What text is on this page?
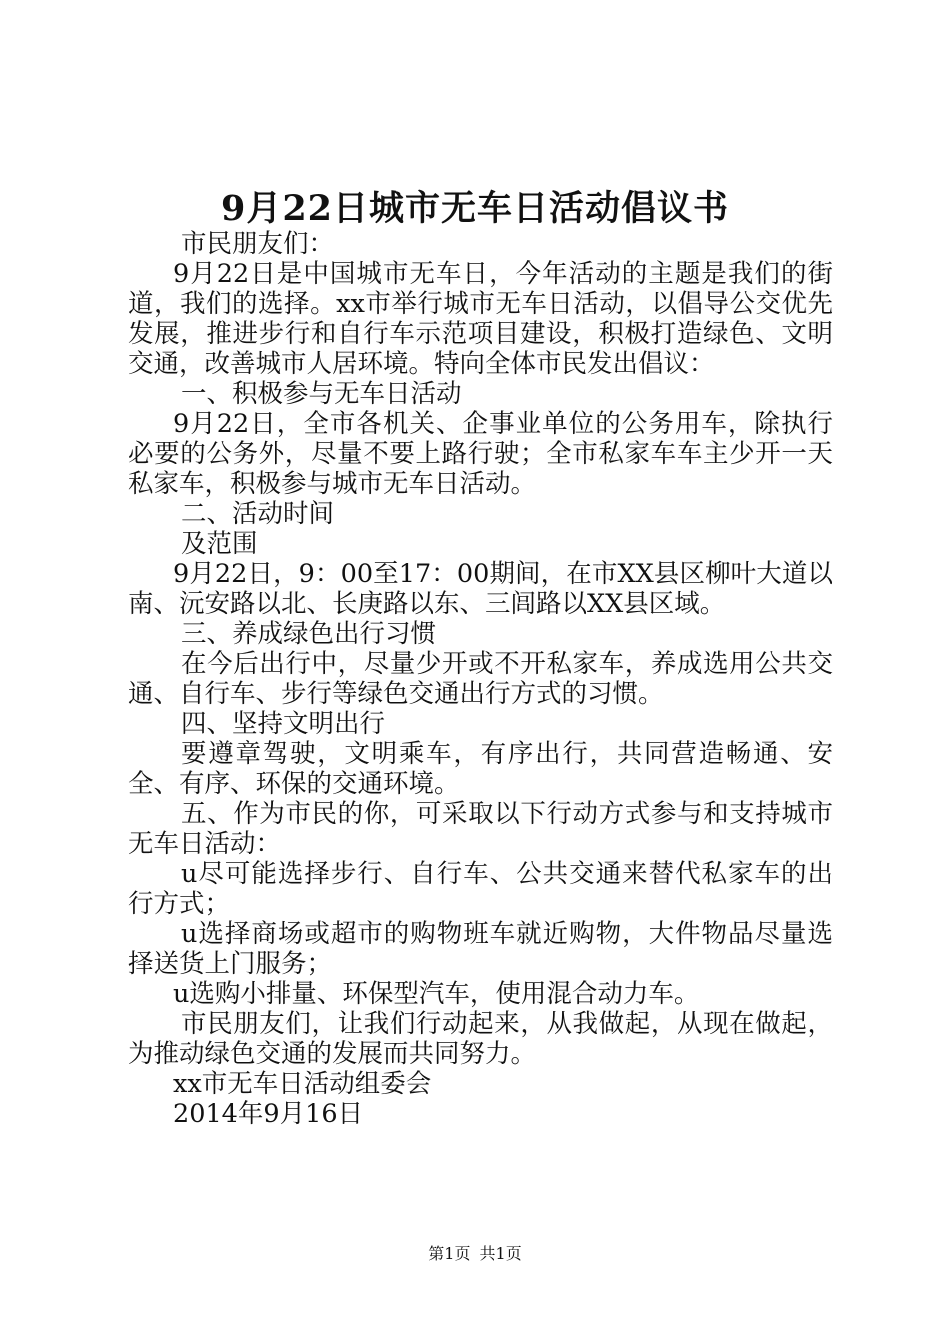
9月22日城市无车日活动倡议书

市民朋友们：

9月22日是中国城市无车日，今年活动的主题是我们的街道，我们的选择。xx市举行城市无车日活动，以倡导公交优先发展，推进步行和自行车示范项目建设，积极打造绿色、文明交通，改善城市人居环境。特向全体市民发出倡议：

一、积极参与无车日活动

9月22日，全市各机关、企事业单位的公务用车，除执行必要的公务外，尽量不要上路行驶；全市私家车车主少开一天私家车，积极参与城市无车日活动。

二、活动时间

及范围

9月22日，9：00至17：00期间，在市XX县区柳叶大道以南、沅安路以北、长庚路以东、三闾路以XX县区域。

三、养成绿色出行习惯

在今后出行中，尽量少开或不开私家车，养成选用公共交通、自行车、步行等绿色交通出行方式的习惯。

四、坚持文明出行

要遵章驾驶，文明乘车，有序出行，共同营造畅通、安全、有序、环保的交通环境。

五、作为市民的你，可采取以下行动方式参与和支持城市无车日活动：

u尽可能选择步行、自行车、公共交通来替代私家车的出行方式；

u选择商场或超市的购物班车就近购物，大件物品尽量选择送货上门服务；

u选购小排量、环保型汽车，使用混合动力车。

市民朋友们，让我们行动起来，从我做起，从现在做起，为推动绿色交通的发展而共同努力。

xx市无车日活动组委会

2014年9月16日

第1页 共1页
